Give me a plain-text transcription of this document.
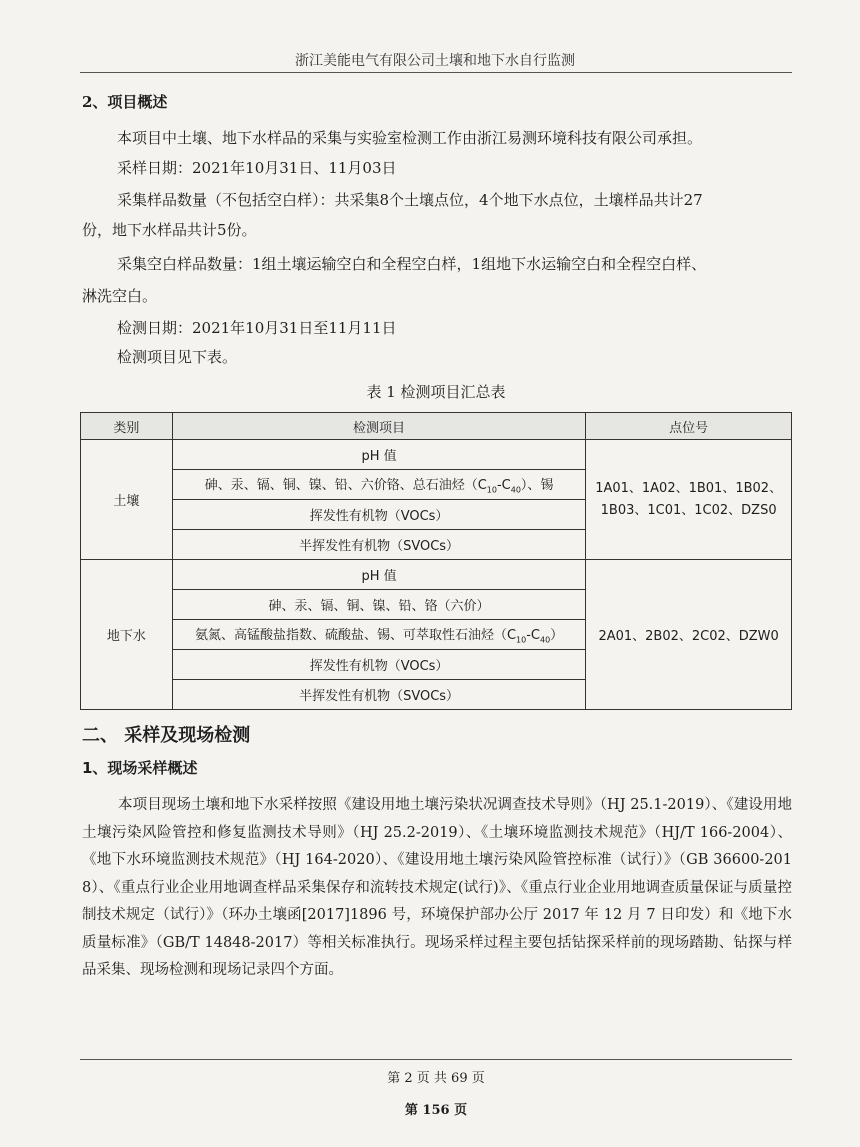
浙江美能电气有限公司土壤和地下水自行监测
2、项目概述
本项目中土壤、地下水样品的采集与实验室检测工作由浙江易测环境科技有限公司承担。
采样日期：2021年10月31日、11月03日
采集样品数量（不包括空白样）：共采集8个土壤点位，4个地下水点位，土壤样品共计27
份，地下水样品共计5份。
采集空白样品数量：1组土壤运输空白和全程空白样，1组地下水运输空白和全程空白样、
淋洗空白。
检测日期：2021年10月31日至11月11日
检测项目见下表。
表 1 检测项目汇总表
类别	检测项目	点位号
土壤	pH 值	1A01、1A02、1B01、1B02、
1B03、1C01、1C02、DZS0
	砷、汞、镉、铜、镍、铅、六价铬、总石油烃$(C_{10}-C_{40})$、锡	
	挥发性有机物（VOCs）	
	半挥发性有机物（SVOCs）	
地下水	pH 值	2A01、2B02、2C02、DZW0
	砷、汞、镉、铜、镍、铅、铬（六价）	
	氨氮、高锰酸盐指数、硫酸盐、锡、可萃取性石油烃$(C_{10}-C_{40})$	
	挥发性有机物（VOCs）	
	半挥发性有机物（SVOCs）	
二、 采样及现场检测
1、现场采样概述
本项目现场土壤和地下水采样按照《建设用地土壤污染状况调查技术导则》（HJ 25.1-2019）、《建设用地土壤污染风险管控和修复监测技术导则》（HJ 25.2-2019）、《土壤环境监测技术规范》（HJ/T 166-2004）、《地下水环境监测技术规范》（HJ 164-2020）、《建设用地土壤污染风险管控标准（试行）》（GB 36600-2018）、《重点行业企业用地调查样品采集保存和流转技术规定(试行)》、《重点行业企业用地调查质量保证与质量控制技术规定（试行）》（环办土壤函[2017]1896 号，环境保护部办公厅 2017 年 12 月 7 日印发）和《地下水质量标准》（GB/T 14848-2017）等相关标准执行。现场采样过程主要包括钻探采样前的现场踏勘、钻探与样品采集、现场检测和现场记录四个方面。
第 2 页 共 69 页
第 156 页
